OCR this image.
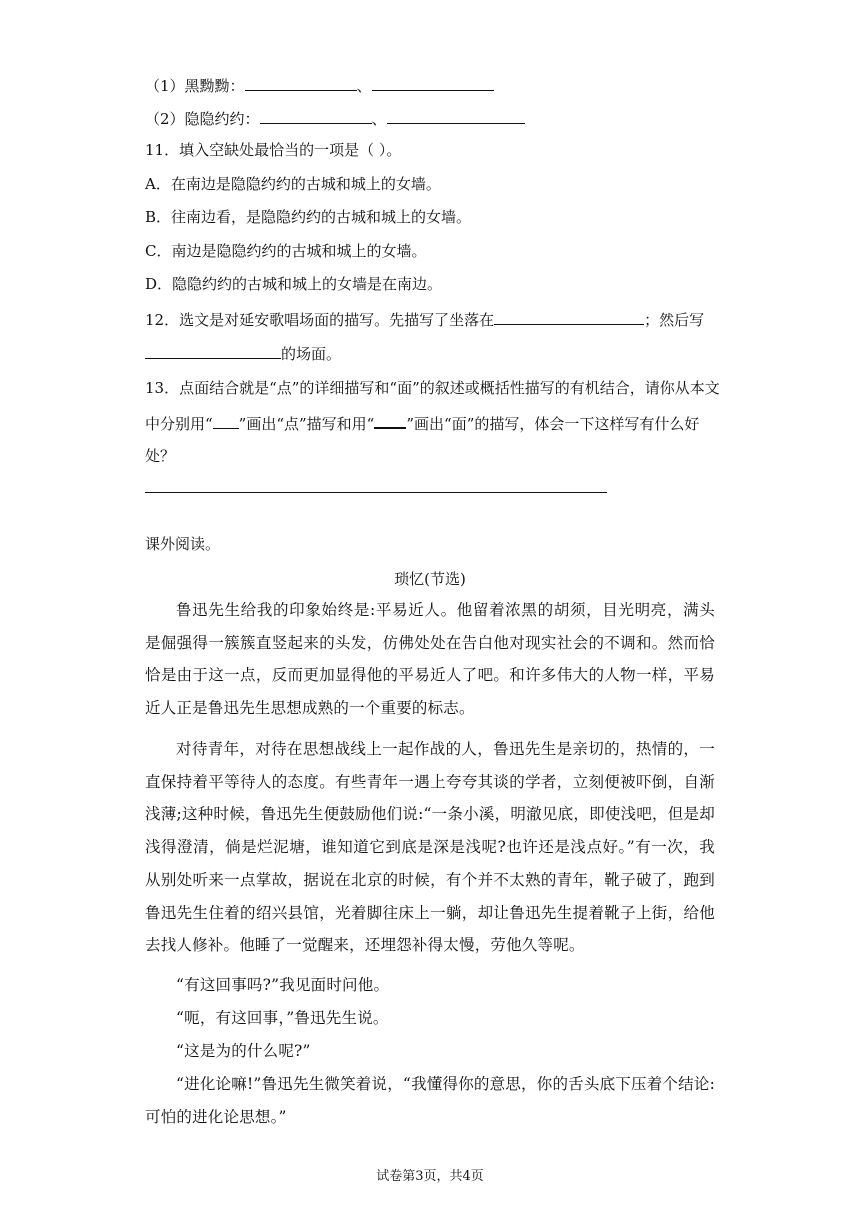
（1）黑黝黝：	、
（2）隐隐约约：	、
11．填入空缺处最恰当的一项是（ ）。
A．在南边是隐隐约约的古城和城上的女墙。
B．往南边看，是隐隐约约的古城和城上的女墙。
C．南边是隐隐约约的古城和城上的女墙。
D．隐隐约约的古城和城上的女墙是在南边。
12．选文是对延安歌唱场面的描写。先描写了坐落在	；然后写
的场面。
13．点面结合就是“点”的详细描写和“面”的叙述或概括性描写的有机结合，请你从本文
中分别用“ ”画出“点”描写和用“ ”画出“面”的描写，体会一下这样写有什么好
处？
课外阅读。
琐忆(节选)
鲁迅先生给我的印象始终是:平易近人。他留着浓黑的胡须，目光明亮，满头是倔强得一簇簇直竖起来的头发，仿佛处处在告白他对现实社会的不调和。然而恰恰是由于这一点，反而更加显得他的平易近人了吧。和许多伟大的人物一样，平易近人正是鲁迅先生思想成熟的一个重要的标志。
对待青年，对待在思想战线上一起作战的人，鲁迅先生是亲切的，热情的，一直保持着平等待人的态度。有些青年一遇上夸夸其谈的学者，立刻便被吓倒，自渐浅薄;这种时候，鲁迅先生便鼓励他们说:“一条小溪，明澈见底，即使浅吧，但是却浅得澄清，倘是烂泥塘，谁知道它到底是深是浅呢?也许还是浅点好。”有一次，我从别处听来一点掌故，据说在北京的时候，有个并不太熟的青年，靴子破了，跑到鲁迅先生住着的绍兴县馆，光着脚往床上一躺，却让鲁迅先生提着靴子上街，给他去找人修补。他睡了一觉醒来，还埋怨补得太慢，劳他久等呢。
“有这回事吗?”我见面时问他。
“呃，有这回事，”鲁迅先生说。
“这是为的什么呢?”
“进化论嘛!”鲁迅先生微笑着说，“我懂得你的意思，你的舌头底下压着个结论:可怕的进化论思想。”
试卷第3页，共4页
